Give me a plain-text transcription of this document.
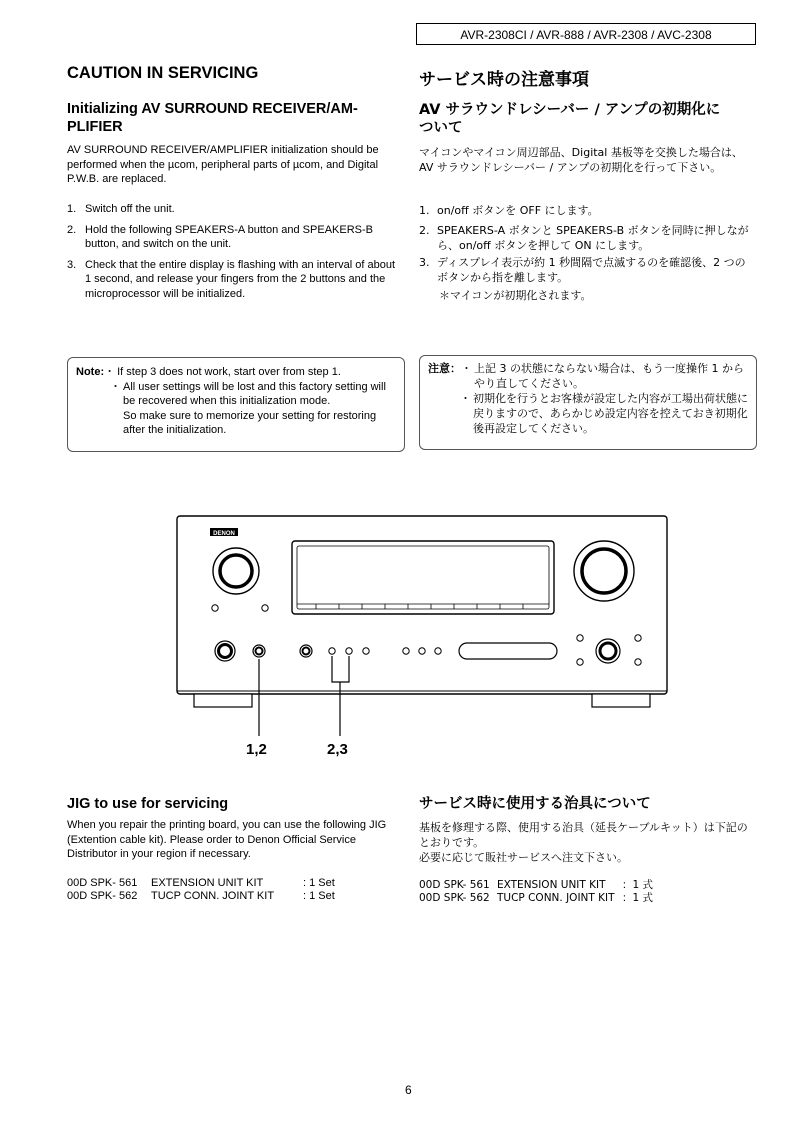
AVR-2308CI / AVR-888 / AVR-2308 / AVC-2308
CAUTION IN SERVICING
Initializing AV SURROUND RECEIVER/AM-
PLIFIER
AV SURROUND RECEIVER/AMPLIFIER initialization should be performed when the µcom, peripheral parts of µcom, and Digital P.W.B. are replaced.
1. Switch off the unit.
2. Hold the following SPEAKERS-A button and SPEAKERS-B button, and switch on the unit.
3. Check that the entire display is flashing with an interval of about 1 second, and release your fingers from the 2 buttons and the microprocessor will be initialized.
Note: ・ If step 3 does not work, start over from step 1.
・ All user settings will be lost and this factory setting will be recovered when this initialization mode.
So make sure to memorize your setting for restoring after the initialization.
サービス時の注意事項
AV サラウンドレシーバー / アンプの初期化に
ついて
マイコンやマイコン周辺部品、Digital 基板等を交換した場合は、AV サラウンドレシーバー / アンプの初期化を行って下さい。
1. on/off ボタンを OFF にします。
2. SPEAKERS-A ボタンと SPEAKERS-B ボタンを同時に押しながら、on/off ボタンを押して ON にします。
3. ディスプレイ表示が約 1 秒間隔で点滅するのを確認後、2 つのボタンから指を離します。
＊マイコンが初期化されます。
注意： ・ 上記 3 の状態にならない場合は、もう一度操作 1 からやり直してください。
・ 初期化を行うとお客様が設定した内容が工場出荷状態に戻りますので、あらかじめ設定内容を控えておき初期化後再設定してください。
DENON
1,2	2,3
JIG to use for servicing
When you repair the printing board, you can use the following JIG (Extention cable kit). Please order to Denon Official Service Distributor in your region if necessary.
00D SPK- 561	EXTENSION UNIT KIT	: 1 Set
00D SPK- 562	TUCP CONN. JOINT KIT	: 1 Set
サービス時に使用する治具について
基板を修理する際、使用する治具（延長ケーブルキット）は下記のとおりです。
必要に応じて販社サービスへ注文下さい。
00D SPK- 561	EXTENSION UNIT KIT	：1 式
00D SPK- 562	TUCP CONN. JOINT KIT	：1 式
6
